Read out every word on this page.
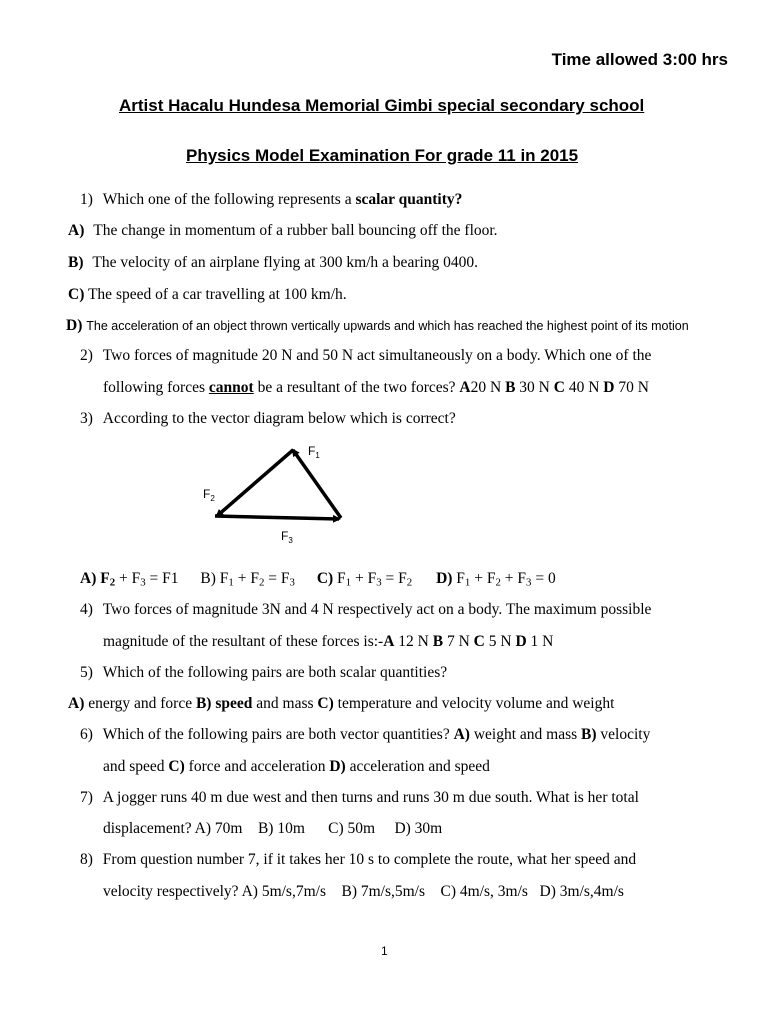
Time allowed 3:00 hrs
Artist Hacalu Hundesa Memorial Gimbi special secondary school
Physics Model Examination For grade 11 in 2015
1) Which one of the following represents a scalar quantity?
A) The change in momentum of a rubber ball bouncing off the floor.
B) The velocity of an airplane flying at 300 km/h a bearing 0400.
C) The speed of a car travelling at 100 km/h.
D) The acceleration of an object thrown vertically upwards and which has reached the highest point of its motion
2) Two forces of magnitude 20 N and 50 N act simultaneously on a body. Which one of the
following forces cannot be a resultant of the two forces? A20 N B 30 N C 40 N D 70 N
3) According to the vector diagram below which is correct?
$F_1$
$F_2$
$F_3$
A) $F_2 + F_3 = F1$ B) $F_1 + F_2 = F_3$ C) $F_1 + F_3 = F_2$ D) $F_1 + F_2 + F_3 = 0$
4) Two forces of magnitude 3N and 4 N respectively act on a body. The maximum possible
magnitude of the resultant of these forces is:-A 12 N B 7 N C 5 N D 1 N
5) Which of the following pairs are both scalar quantities?
A) energy and force B) speed and mass C) temperature and velocity volume and weight
6) Which of the following pairs are both vector quantities? A) weight and mass B) velocity
and speed C) force and acceleration D) acceleration and speed
7) A jogger runs 40 m due west and then turns and runs 30 m due south. What is her total
displacement? A) 70m    B) 10m      C) 50m     D) 30m
8) From question number 7, if it takes her 10 s to complete the route, what her speed and
velocity respectively? A) 5m/s,7m/s    B) 7m/s,5m/s    C) 4m/s, 3m/s   D) 3m/s,4m/s
1
